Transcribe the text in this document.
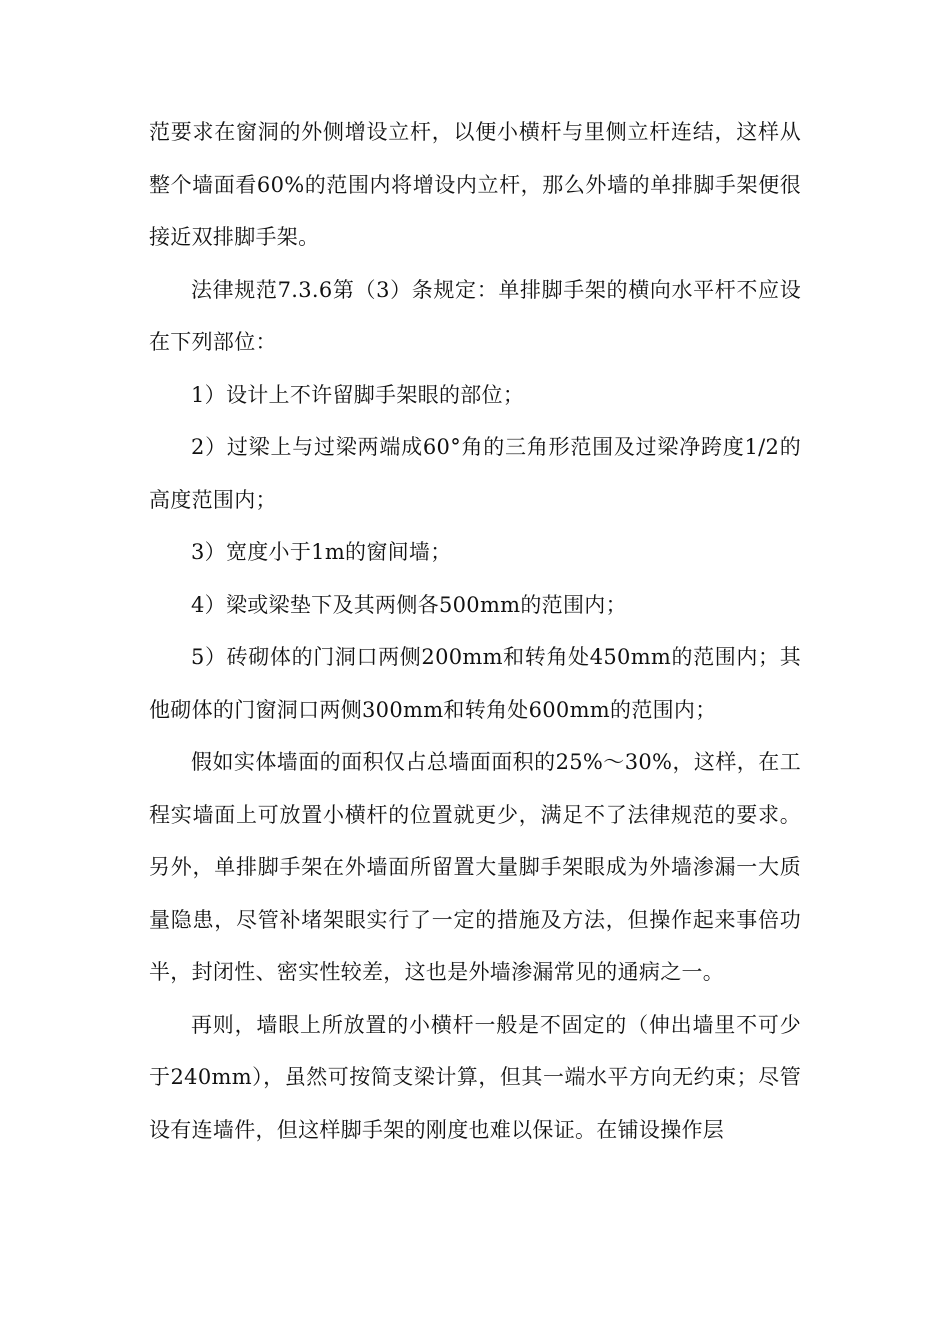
范要求在窗洞的外侧增设立杆，以便小横杆与里侧立杆连结，这样从整个墙面看60%的范围内将增设内立杆，那么外墙的单排脚手架便很接近双排脚手架。

法律规范7.3.6第（3）条规定：单排脚手架的横向水平杆不应设在下列部位：

1）设计上不许留脚手架眼的部位；

2）过梁上与过梁两端成60°角的三角形范围及过梁净跨度1/2的高度范围内；

3）宽度小于1m的窗间墙；

4）梁或梁垫下及其两侧各500mm的范围内；

5）砖砌体的门洞口两侧200mm和转角处450mm的范围内；其他砌体的门窗洞口两侧300mm和转角处600mm的范围内；

假如实体墙面的面积仅占总墙面面积的25%～30%，这样，在工程实墙面上可放置小横杆的位置就更少，满足不了法律规范的要求。另外，单排脚手架在外墙面所留置大量脚手架眼成为外墙渗漏一大质量隐患，尽管补堵架眼实行了一定的措施及方法，但操作起来事倍功半，封闭性、密实性较差，这也是外墙渗漏常见的通病之一。

再则，墙眼上所放置的小横杆一般是不固定的（伸出墙里不可少于240mm），虽然可按简支梁计算，但其一端水平方向无约束；尽管设有连墙件，但这样脚手架的刚度也难以保证。在铺设操作层
